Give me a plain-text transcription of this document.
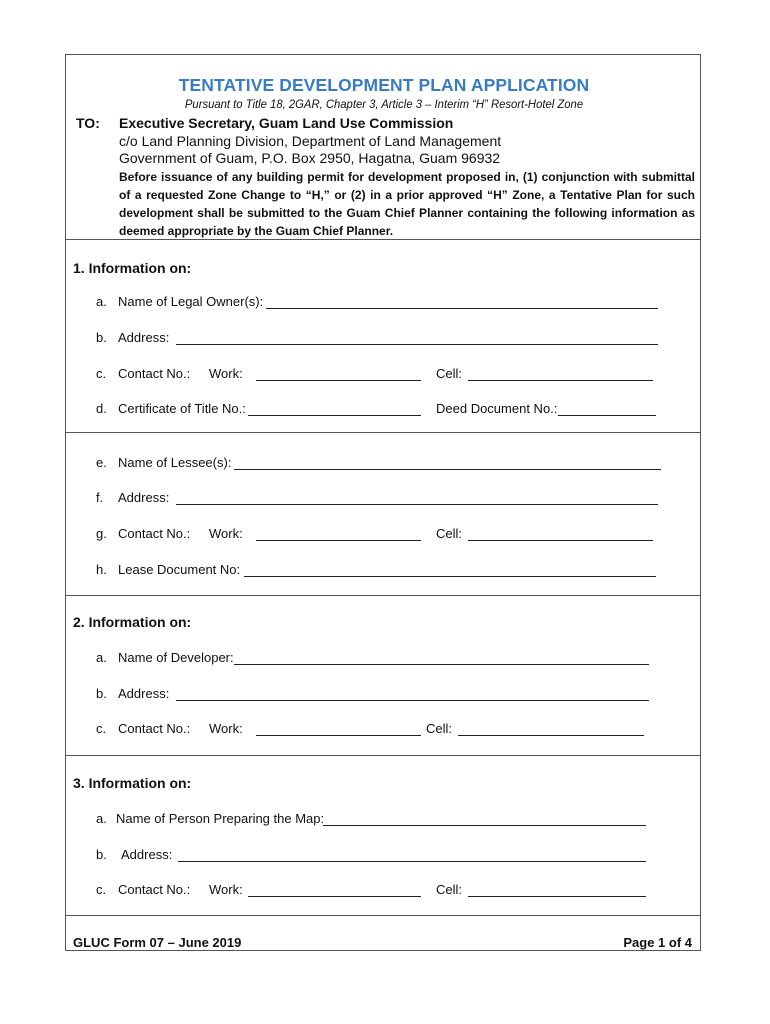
TENTATIVE DEVELOPMENT PLAN APPLICATION
Pursuant to Title 18, 2GAR, Chapter 3, Article 3 – Interim “H” Resort-Hotel Zone
TO: Executive Secretary, Guam Land Use Commission
c/o Land Planning Division, Department of Land Management
Government of Guam, P.O. Box 2950, Hagatna, Guam 96932
Before issuance of any building permit for development proposed in, (1) conjunction with submittal of a requested Zone Change to “H,” or (2) in a prior approved “H” Zone, a Tentative Plan for such development shall be submitted to the Guam Chief Planner containing the following information as deemed appropriate by the Guam Chief Planner.
1. Information on:
a. Name of Legal Owner(s):
b. Address:
c. Contact No.: Work:	Cell:
d. Certificate of Title No.:	Deed Document No.:
e. Name of Lessee(s):
f. Address:
g. Contact No.: Work:	Cell:
h. Lease Document No:
2. Information on:
a. Name of Developer:
b. Address:
c. Contact No.: Work:	Cell:
3. Information on:
a. Name of Person Preparing the Map:
b. Address:
c. Contact No.: Work:	Cell:
GLUC Form 07 – June 2019	Page 1 of 4
